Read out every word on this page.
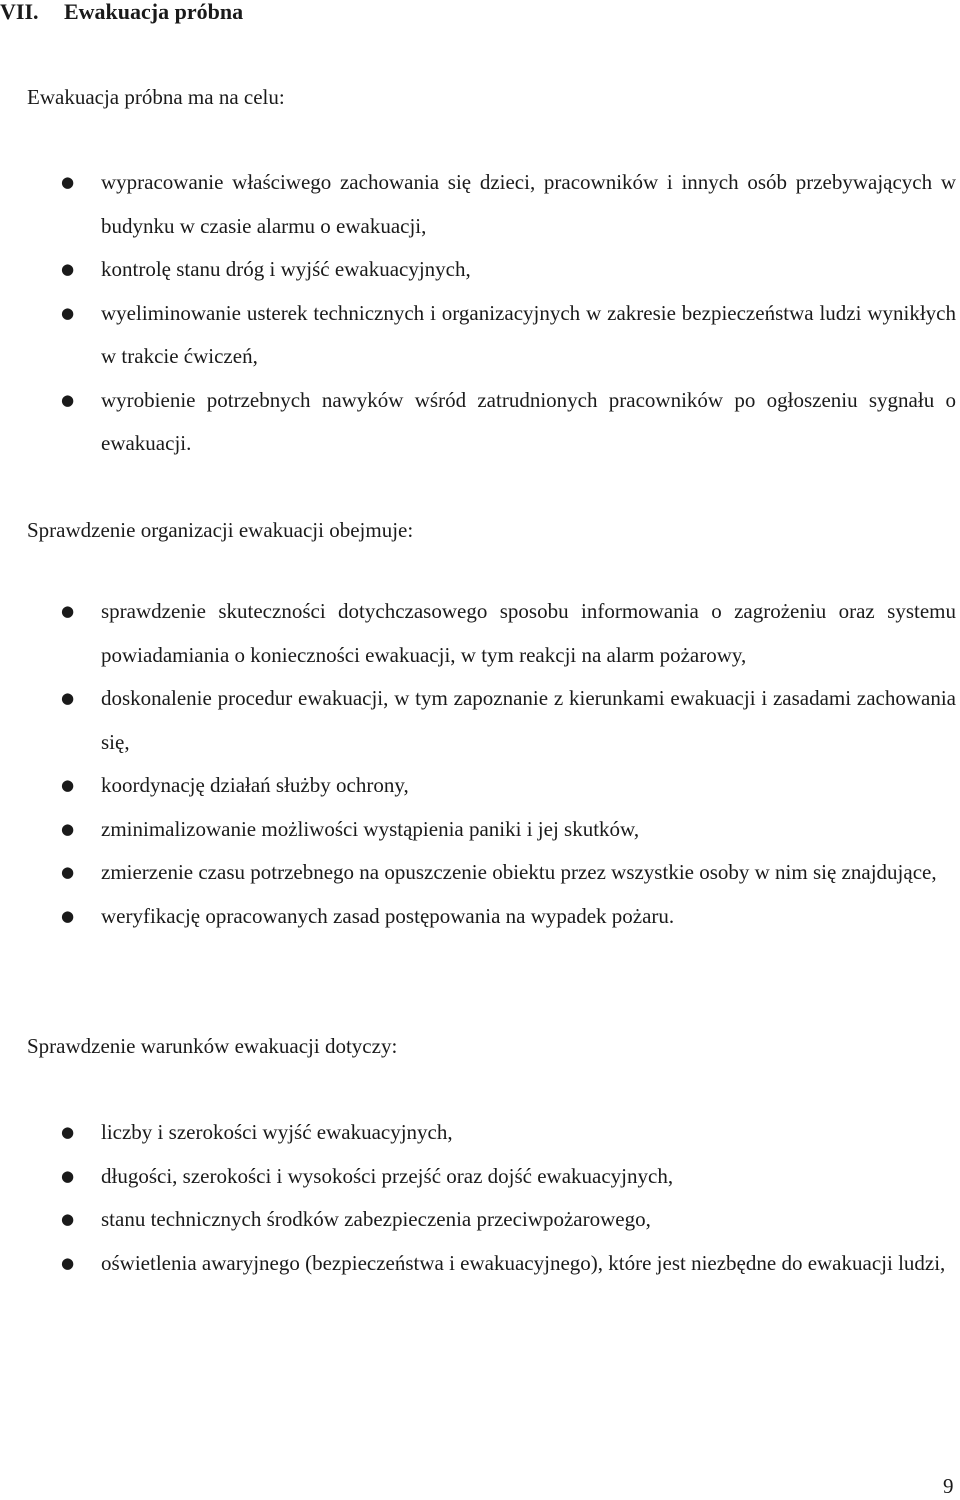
VII. Ewakuacja próbna
Ewakuacja próbna ma na celu:
● wypracowanie właściwego zachowania się dzieci, pracowników i innych osób przebywających w budynku w czasie alarmu o ewakuacji,
● kontrolę stanu dróg i wyjść ewakuacyjnych,
● wyeliminowanie usterek technicznych i organizacyjnych w zakresie bezpieczeństwa ludzi wynikłych w trakcie ćwiczeń,
● wyrobienie potrzebnych nawyków wśród zatrudnionych pracowników po ogłoszeniu sygnału o ewakuacji.
Sprawdzenie organizacji ewakuacji obejmuje:
● sprawdzenie skuteczności dotychczasowego sposobu informowania o zagrożeniu oraz systemu powiadamiania o konieczności ewakuacji, w tym reakcji na alarm pożarowy,
● doskonalenie procedur ewakuacji, w tym zapoznanie z kierunkami ewakuacji i zasadami zachowania się,
● koordynację działań służby ochrony,
● zminimalizowanie możliwości wystąpienia paniki i jej skutków,
● zmierzenie czasu potrzebnego na opuszczenie obiektu przez wszystkie osoby w nim się znajdujące,
● weryfikację opracowanych zasad postępowania na wypadek pożaru.
Sprawdzenie warunków ewakuacji dotyczy:
● liczby i szerokości wyjść ewakuacyjnych,
● długości, szerokości i wysokości przejść oraz dojść ewakuacyjnych,
● stanu technicznych środków zabezpieczenia przeciwpożarowego,
● oświetlenia awaryjnego (bezpieczeństwa i ewakuacyjnego), które jest niezbędne do ewakuacji ludzi,
9
